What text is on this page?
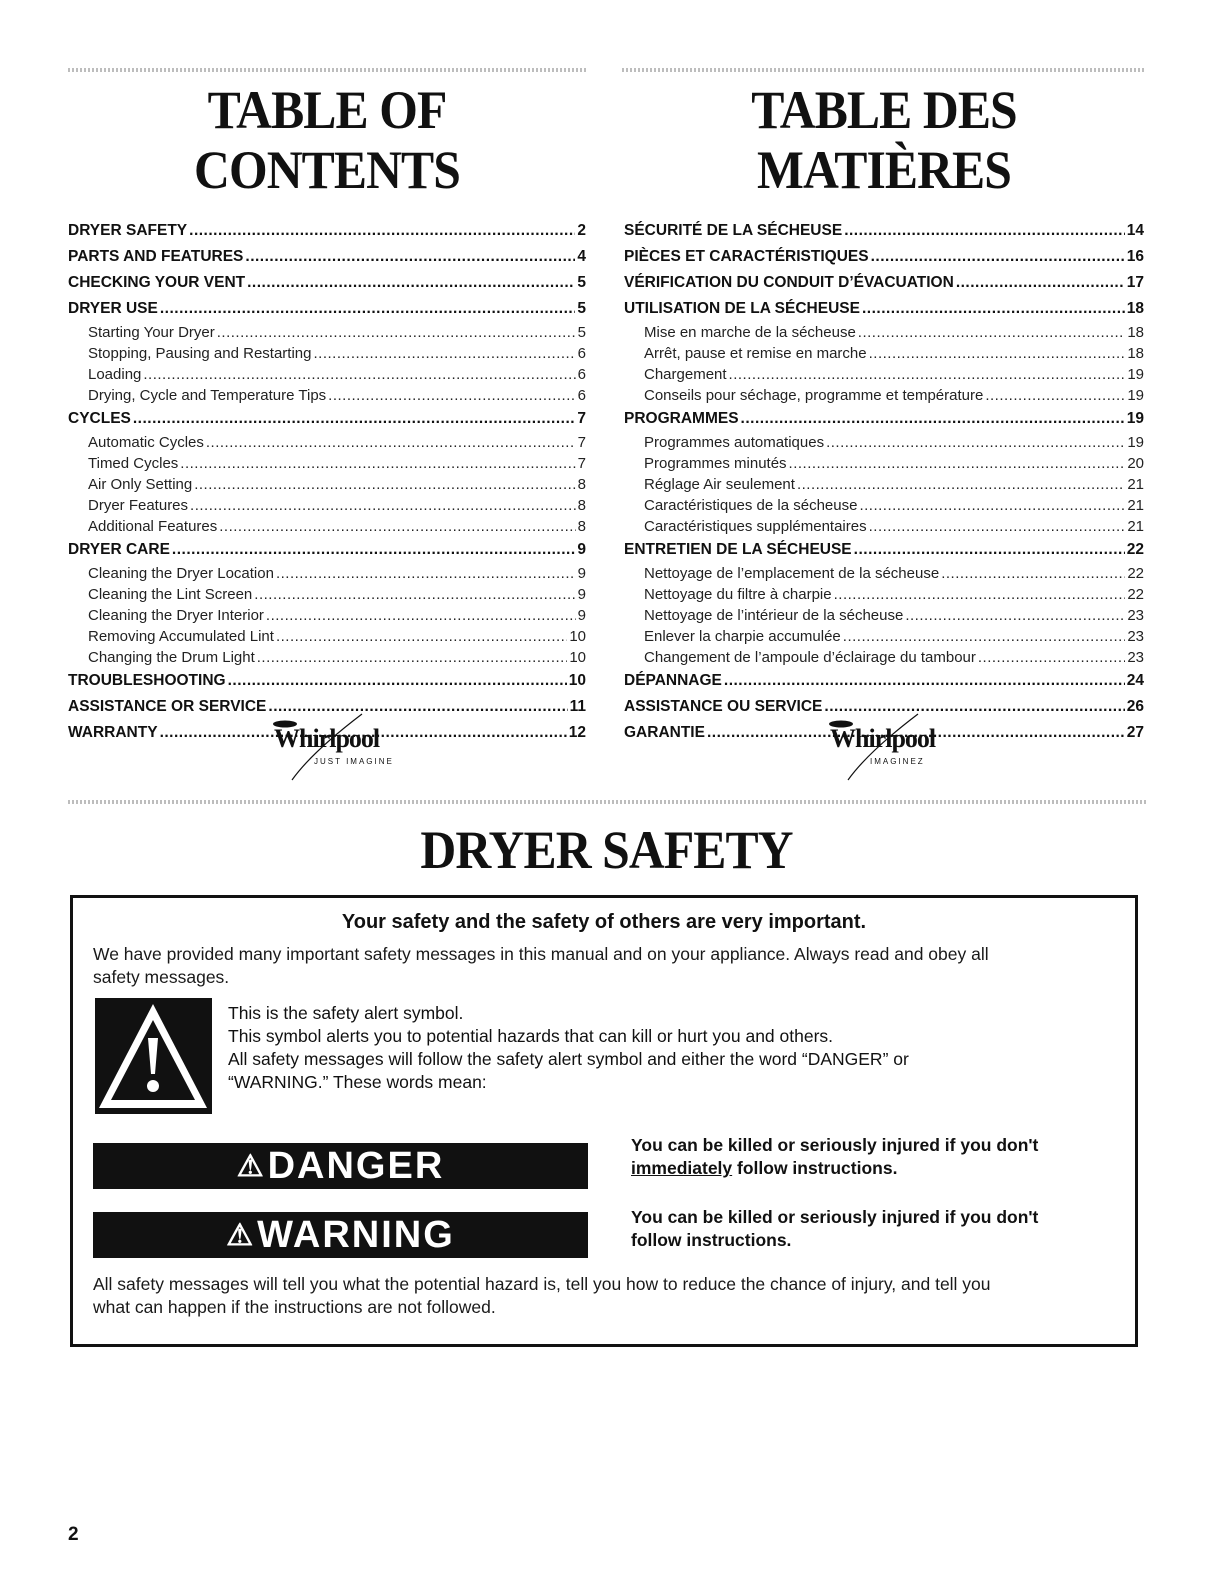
TABLE OF CONTENTS
DRYER SAFETY .....	2
PARTS AND FEATURES .....	4
CHECKING YOUR VENT .....	5
DRYER USE .....	5
Starting Your Dryer .....	5
Stopping, Pausing and Restarting .....	6
Loading .....	6
Drying, Cycle and Temperature Tips .....	6
CYCLES .....	7
Automatic Cycles .....	7
Timed Cycles .....	7
Air Only Setting .....	8
Dryer Features .....	8
Additional Features .....	8
DRYER CARE .....	9
Cleaning the Dryer Location .....	9
Cleaning the Lint Screen .....	9
Cleaning the Dryer Interior .....	9
Removing Accumulated Lint .....	10
Changing the Drum Light .....	10
TROUBLESHOOTING .....	10
ASSISTANCE OR SERVICE .....	11
WARRANTY .....	12
TABLE DES MATIÈRES
SÉCURITÉ DE LA SÉCHEUSE .....	14
PIÈCES ET CARACTÉRISTIQUES .....	16
VÉRIFICATION DU CONDUIT D’ÉVACUATION .....	17
UTILISATION DE LA SÉCHEUSE .....	18
Mise en marche de la sécheuse .....	18
Arrêt, pause et remise en marche .....	18
Chargement .....	19
Conseils pour séchage, programme et température .....	19
PROGRAMMES .....	19
Programmes automatiques .....	19
Programmes minutés .....	20
Réglage Air seulement .....	21
Caractéristiques de la sécheuse .....	21
Caractéristiques supplémentaires .....	21
ENTRETIEN DE LA SÉCHEUSE .....	22
Nettoyage de l’emplacement de la sécheuse .....	22
Nettoyage du filtre à charpie .....	22
Nettoyage de l’intérieur de la sécheuse .....	23
Enlever la charpie accumulée .....	23
Changement de l’ampoule d’éclairage du tambour .....	23
DÉPANNAGE .....	24
ASSISTANCE OU SERVICE .....	26
GARANTIE .....	27
Whirlpool
JUST IMAGINE
Whirlpool
IMAGINEZ
DRYER SAFETY
Your safety and the safety of others are very important.
We have provided many important safety messages in this manual and on your appliance. Always read and obey all
safety messages.
This is the safety alert symbol.
This symbol alerts you to potential hazards that can kill or hurt you and others.
All safety messages will follow the safety alert symbol and either the word “DANGER” or
“WARNING.” These words mean:
⚠ DANGER	You can be killed or seriously injured if you don't
immediately follow instructions.
⚠ WARNING	You can be killed or seriously injured if you don't
follow instructions.
All safety messages will tell you what the potential hazard is, tell you how to reduce the chance of injury, and tell you
what can happen if the instructions are not followed.
2
